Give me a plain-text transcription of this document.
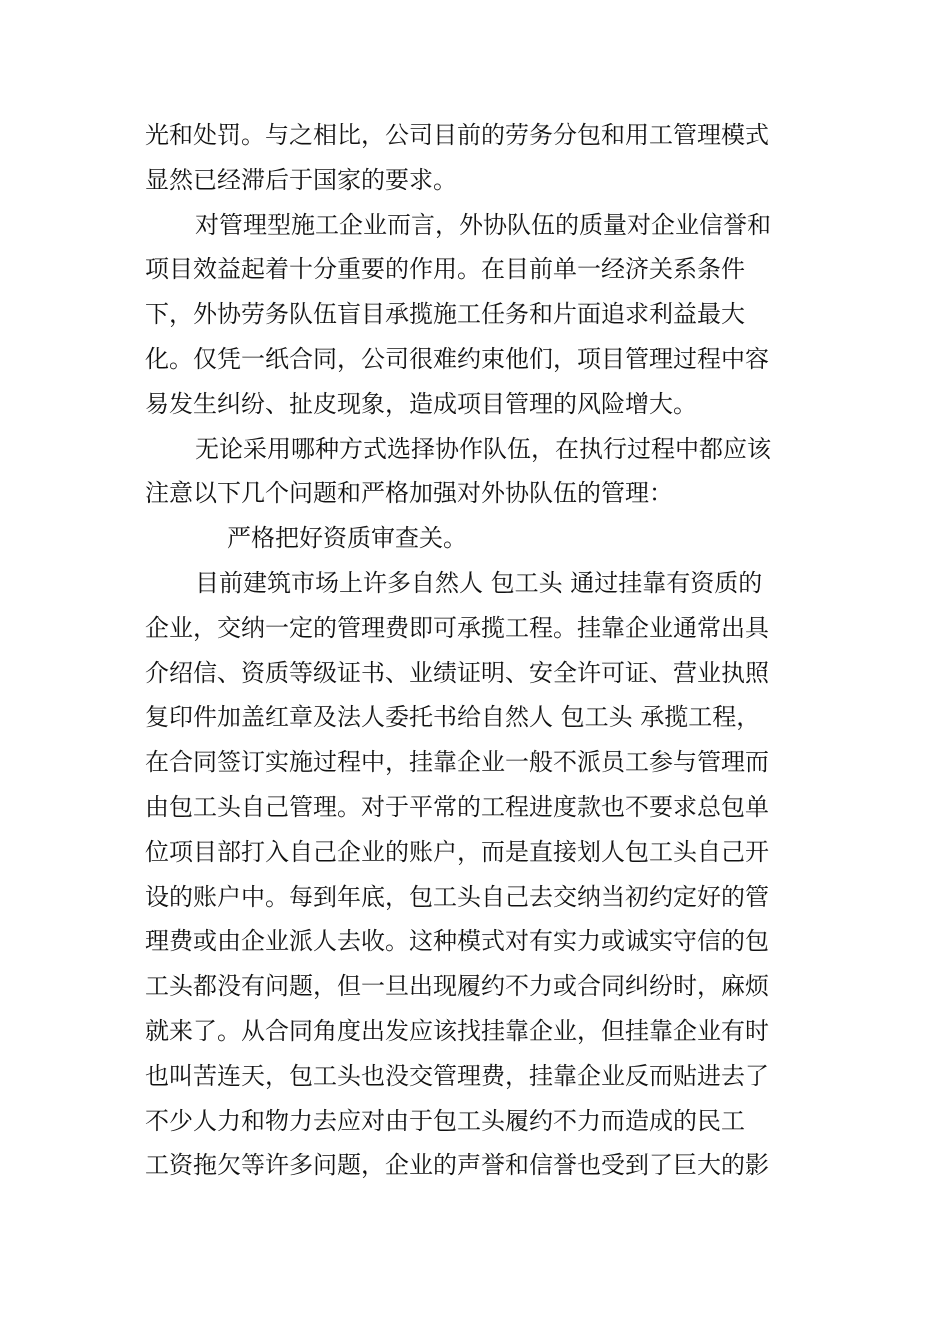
光和处罚。与之相比，公司目前的劳务分包和用工管理模式
显然已经滞后于国家的要求。
对管理型施工企业而言，外协队伍的质量对企业信誉和
项目效益起着十分重要的作用。在目前单一经济关系条件
下，外协劳务队伍盲目承揽施工任务和片面追求利益最大
化。仅凭一纸合同，公司很难约束他们，项目管理过程中容
易发生纠纷、扯皮现象，造成项目管理的风险增大。
无论采用哪种方式选择协作队伍，在执行过程中都应该
注意以下几个问题和严格加强对外协队伍的管理：
严格把好资质审查关。
目前建筑市场上许多自然人 包工头 通过挂靠有资质的
企业，交纳一定的管理费即可承揽工程。挂靠企业通常出具
介绍信、资质等级证书、业绩证明、安全许可证、营业执照
复印件加盖红章及法人委托书给自然人 包工头 承揽工程，
在合同签订实施过程中，挂靠企业一般不派员工参与管理而
由包工头自己管理。对于平常的工程进度款也不要求总包单
位项目部打入自己企业的账户，而是直接划人包工头自己开
设的账户中。每到年底，包工头自己去交纳当初约定好的管
理费或由企业派人去收。这种模式对有实力或诚实守信的包
工头都没有问题，但一旦出现履约不力或合同纠纷时，麻烦
就来了。从合同角度出发应该找挂靠企业，但挂靠企业有时
也叫苦连天，包工头也没交管理费，挂靠企业反而贴进去了
不少人力和物力去应对由于包工头履约不力而造成的民工
工资拖欠等许多问题，企业的声誉和信誉也受到了巨大的影
